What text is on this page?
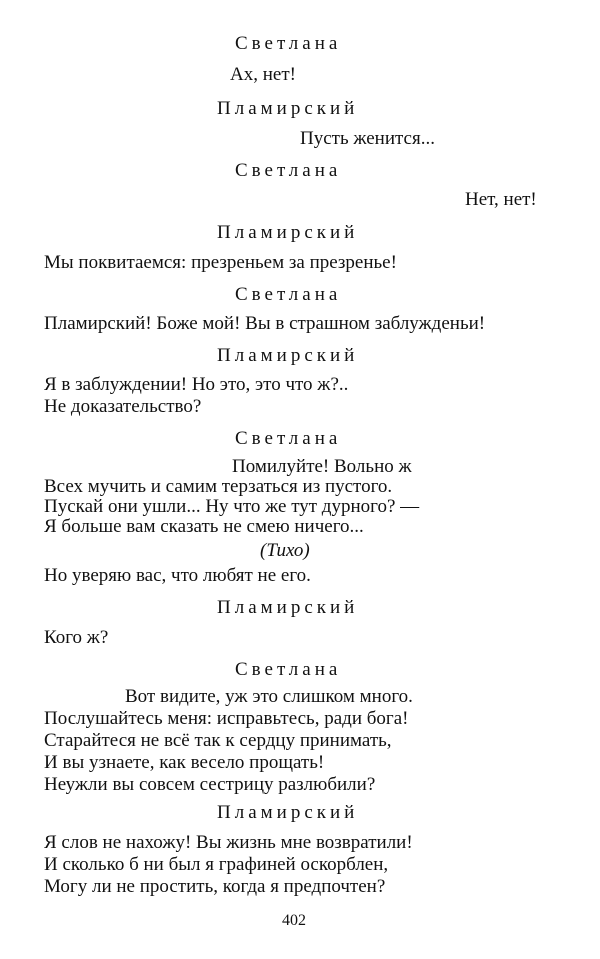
Светлана
Ах, нет!
Пламирский
Пусть женится...
Светлана
Нет, нет!
Пламирский
Мы поквитаемся: презреньем за презренье!
Светлана
Пламирский! Боже мой! Вы в страшном заблужденьи!
Пламирский
Я в заблуждении! Но это, это что ж?..
Не доказательство?
Светлана
Помилуйте! Вольно ж
Всех мучить и самим терзаться из пустого.
Пускай они ушли... Ну что же тут дурного? —
Я больше вам сказать не смею ничего...
(Тихо)
Но уверяю вас, что любят не его.
Пламирский
Кого ж?
Светлана
Вот видите, уж это слишком много.
Послушайтесь меня: исправьтесь, ради бога!
Старайтеся не всё так к сердцу принимать,
И вы узнаете, как весело прощать!
Неужли вы совсем сестрицу разлюбили?
Пламирский
Я слов не нахожу! Вы жизнь мне возвратили!
И сколько б ни был я графиней оскорблен,
Могу ли не простить, когда я предпочтен?
402
